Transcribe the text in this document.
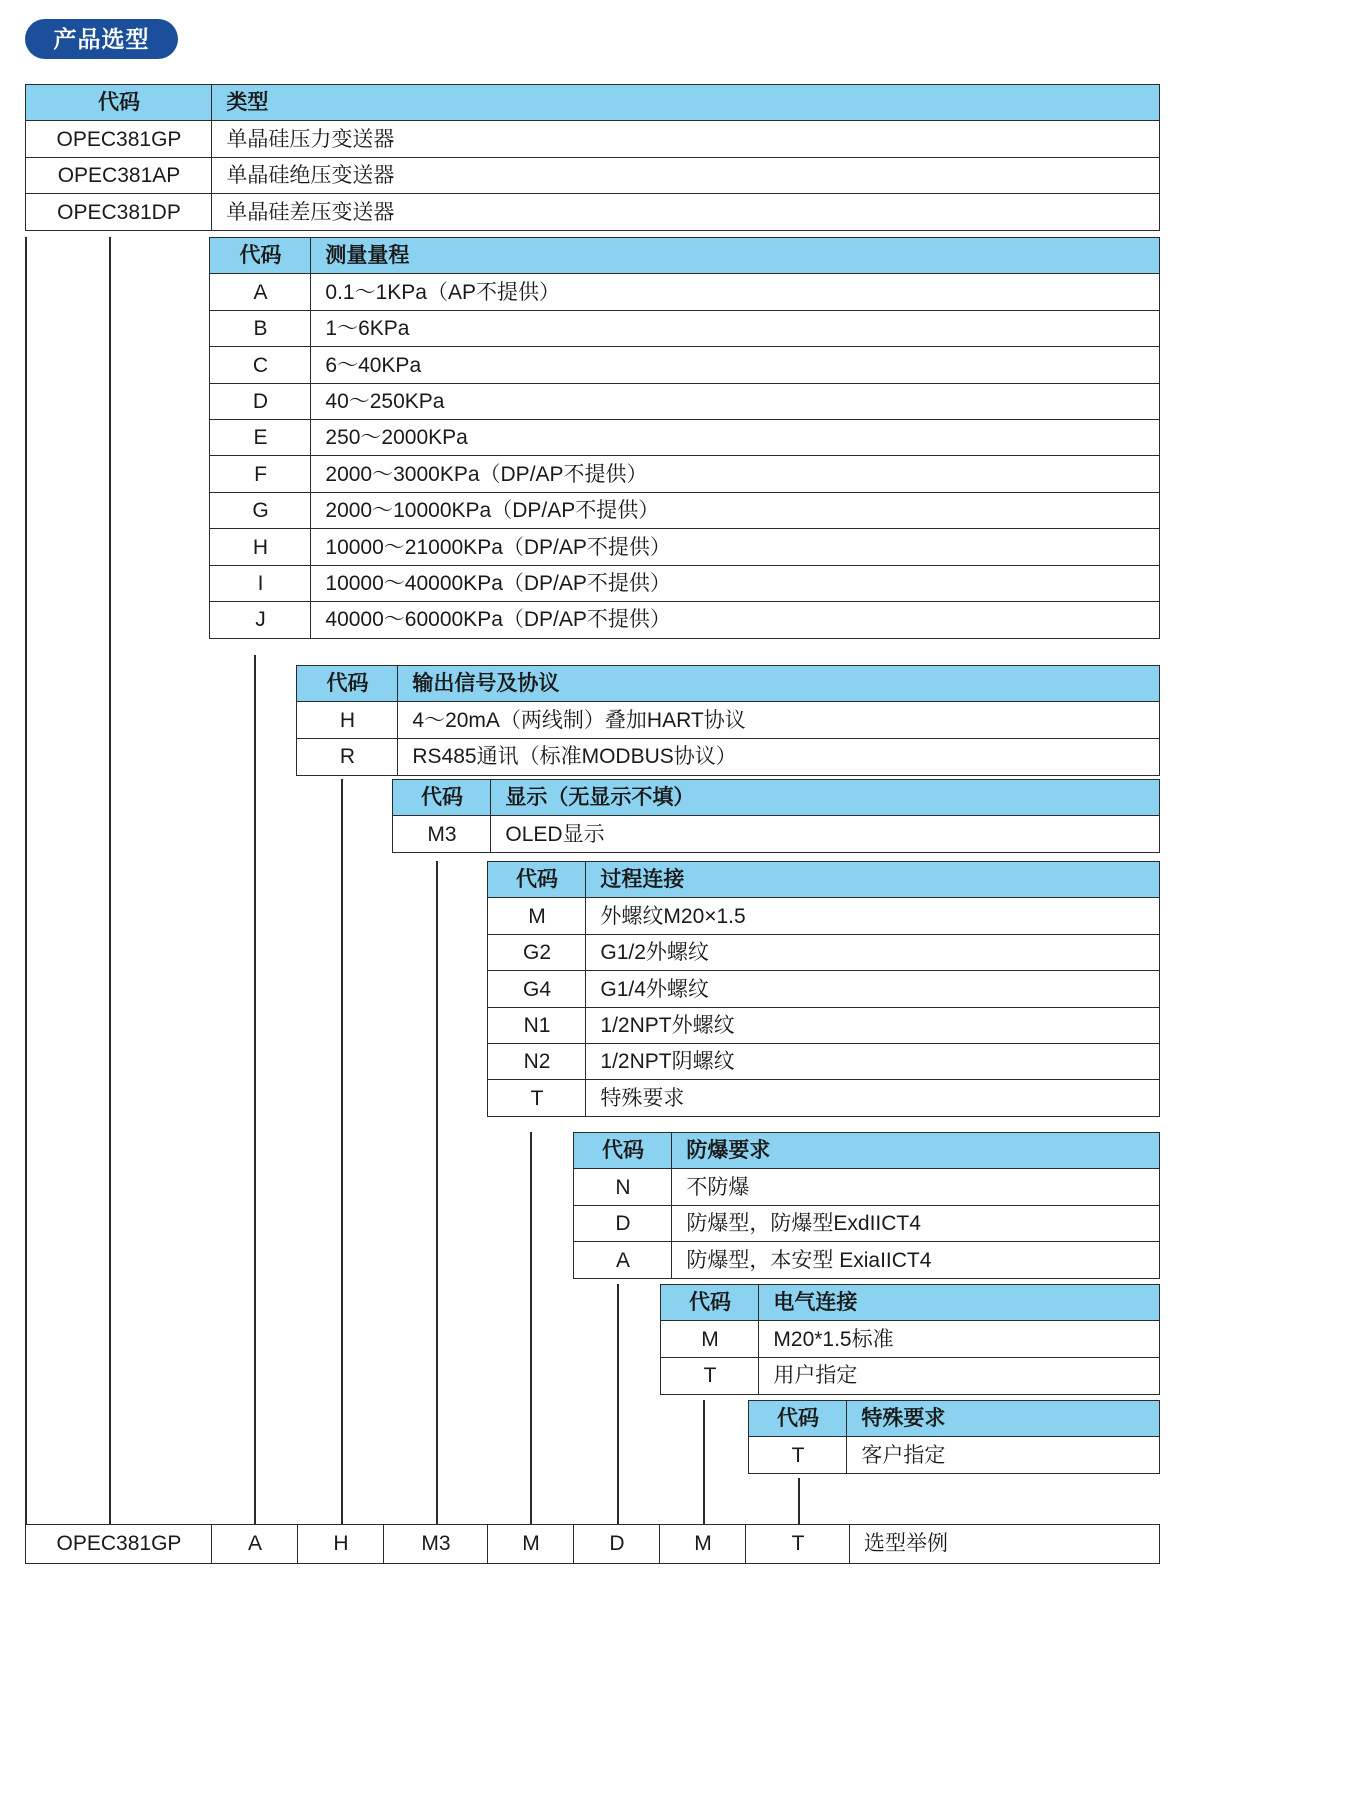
产品选型
代码	类型
OPEC381GP	单晶硅压力变送器
OPEC381AP	单晶硅绝压变送器
OPEC381DP	单晶硅差压变送器
代码	测量量程
A	0.1～1KPa（AP不提供）
B	1～6KPa
C	6～40KPa
D	40～250KPa
E	250～2000KPa
F	2000～3000KPa（DP/AP不提供）
G	2000～10000KPa（DP/AP不提供）
H	10000～21000KPa（DP/AP不提供）
I	10000～40000KPa（DP/AP不提供）
J	40000～60000KPa（DP/AP不提供）
代码	输出信号及协议
H	4～20mA（两线制）叠加HART协议
R	RS485通讯（标准MODBUS协议）
代码	显示（无显示不填）
M3	OLED显示
代码	过程连接
M	外螺纹M20×1.5
G2	G1/2外螺纹
G4	G1/4外螺纹
N1	1/2NPT外螺纹
N2	1/2NPT阴螺纹
T	特殊要求
代码	防爆要求
N	不防爆
D	防爆型，防爆型ExdIICT4
A	防爆型，本安型 ExiaIICT4
代码	电气连接
M	M20*1.5标准
T	用户指定
代码	特殊要求
T	客户指定
OPEC381GP	A	H	M3	M	D	M	T	选型举例
